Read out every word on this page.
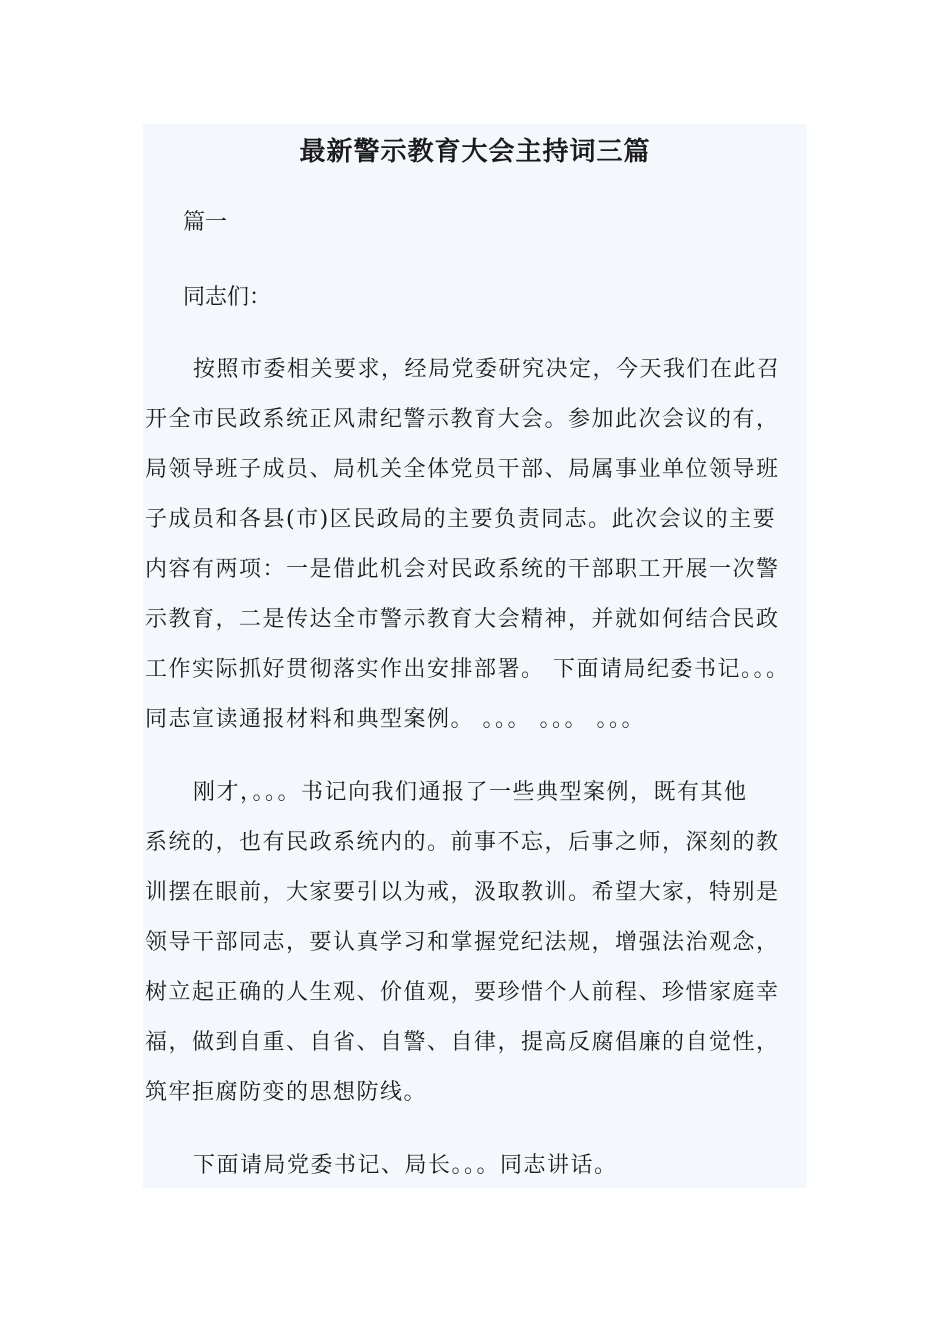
最新警示教育大会主持词三篇

篇一

同志们：

按照市委相关要求，经局党委研究决定，今天我们在此召
开全市民政系统正风肃纪警示教育大会。参加此次会议的有，
局领导班子成员、局机关全体党员干部、局属事业单位领导班
子成员和各县(市)区民政局的主要负责同志。此次会议的主要
内容有两项：一是借此机会对民政系统的干部职工开展一次警
示教育，二是传达全市警示教育大会精神，并就如何结合民政
工作实际抓好贯彻落实作出安排部署。 下面请局纪委书记。。。
同志宣读通报材料和典型案例。 。。。 。。。 。。。
刚才，。。。书记向我们通报了一些典型案例，既有其他
系统的，也有民政系统内的。前事不忘，后事之师，深刻的教
训摆在眼前，大家要引以为戒，汲取教训。希望大家，特别是
领导干部同志，要认真学习和掌握党纪法规，增强法治观念，
树立起正确的人生观、价值观，要珍惜个人前程、珍惜家庭幸
福，做到自重、自省、自警、自律，提高反腐倡廉的自觉性，
筑牢拒腐防变的思想防线。
下面请局党委书记、局长。。。同志讲话。
